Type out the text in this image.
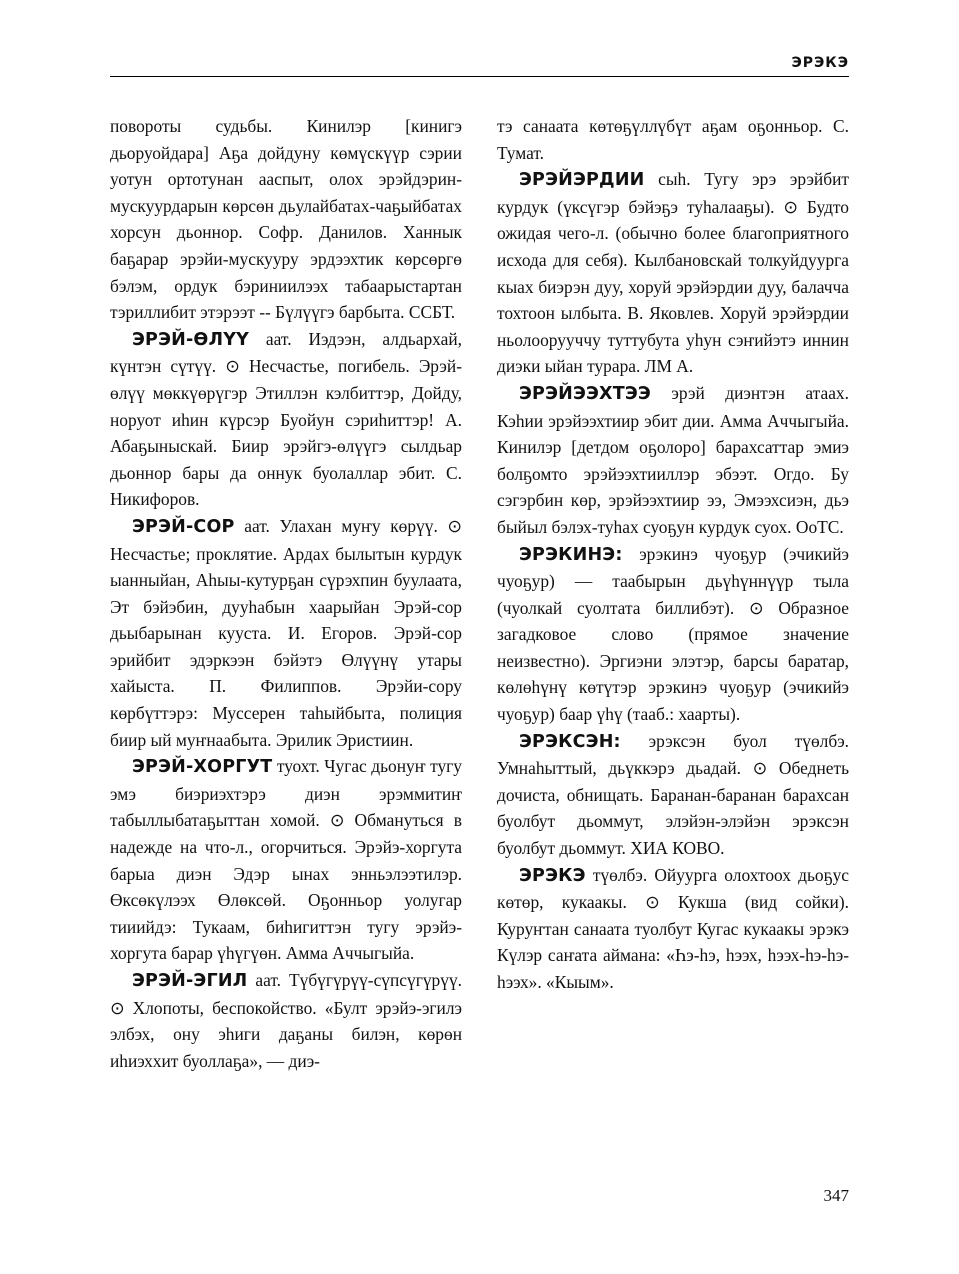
ЭРЭКЭ

повороты судьбы. Кинилэр [кинигэ дьоруойдара] Аҕа дойдуну көмүскүүр сэрии уотун ортотунан аaспыт, олох эрэйдэрин-мускуурдарын көрсөн дьулайбатах-чаҕыйбатах хорсун дьоннор. Софр. Данилов. Ханнык баҕарар эрэйи-мускууру эрдээхтик көрсөргө бэлэм, ордук бэриниилээх табаарыстартан тэриллибит этэрээт -- Бүлүүгэ барбыта. ССБТ.

ЭРЭЙ-ӨЛҮҮ аат. Иэдээн, алдьархай, күнтэн сүтүү. ⊙ Несчастье, погибель. Эрэй-өлүү мөккүөрүгэр Этиллэн кэлбиттэр, Дойду, норуот иһин күрсэр Буойун сэриһиттэр! А. Абаҕыныскай. Биир эрэйгэ-өлүүгэ сылдьар дьоннор бары да оннук буолаллар эбит. С. Никифоров.

ЭРЭЙ-СОР аат. Улахан муҥу көрүү. ⊙ Несчастье; проклятие. Ардах былытын курдук ыанныйан, Аһыы-кутурҕан сүрэхпин буулаата, Эт бэйэбин, дууһабын хаарыйан Эрэй-сор дьыбарынан кууста. И. Егоров. Эрэй-сор эрийбит эдэркээн бэйэтэ Өлүүнү утары хайыста. П. Филиппов. Эрэйи-сору көрбүттэрэ: Муссерен таһыйбыта, полиция биир ый муҥнаабыта. Эрилик Эристиин.

ЭРЭЙ-ХОРГУТ туохт. Чугас дьонуҥ тугу эмэ биэриэхтэрэ диэн эрэммитиҥ табыллыбатаҕыттан хомой. ⊙ Обмануться в надежде на что-л., огорчиться. Эрэйэ-хоргута барыа диэн Эдэр ынах энньэлээтилэр. Өксөкүлээх Өлөксөй. Оҕонньор уолугар тииийдэ: Тукаам, биһигиттэн тугу эрэйэ-хоргута барар үһүгүөн. Амма Аччыгыйа.

ЭРЭЙ-ЭГИЛ аат. Түбүгүрүү-сүпсүгүрүү. ⊙ Хлопоты, беспокойство. «Булт эрэйэ-эгилэ элбэх, ону эһиги даҕаны билэн, көрөн иһиэххит буоллаҕа», — диэ-

тэ санаата көтөҕүллүбүт аҕам оҕонньор. С. Тумат.

ЭРЭЙЭРДИИ сыһ. Тугу эрэ эрэйбит курдук (үксүгэр бэйэҕэ туһалааҕы). ⊙ Будто ожидая чего-л. (обычно более благоприятного исхода для себя). Кылбановскай толкуйдуурга кыах биэрэн дуу, хоруй эрэйэрдии дуу, балачча тохтоон ылбыта. В. Яковлев. Хоруй эрэйэрдии ньолоорууччу туттубута уһун сэҥийэтэ иннин диэки ыйан турара. ЛМ А.

ЭРЭЙЭЭХТЭЭ эрэй диэнтэн атаах. Кэһии эрэйээхтиир эбит дии. Амма Аччыгыйа. Кинилэр [детдом оҕолоро] барахсаттар эмиэ болҕомто эрэйээхтииллэр эбээт. Огдо. Бу сэгэрбин көр, эрэйээхтиир ээ, Эмээхсиэн, дьэ быйыл бэлэх-туһах суоҕун курдук суох. ОоТС.

ЭРЭКИНЭ: эрэкинэ чуоҕур (эчикийэ чуоҕур) — таабырын дьүһүннүүр тыла (чуолкай суолтата биллибэт). ⊙ Образное загадковое слово (прямое значение неизвестно). Эргиэни элэтэр, барсы баратар, көлөһүнү көтүтэр эрэкинэ чуоҕур (эчикийэ чуоҕур) баар үһү (тааб.: хаарты).

ЭРЭКСЭН: эрэксэн буол түөлбэ. Умнаһыттый, дьүккэрэ дьадай. ⊙ Обеднеть дочиста, обнищать. Баранан-баранан барахсан буолбут дьоммут, элэйэн-элэйэн эрэксэн буолбут дьоммут. ХИА КОВО.

ЭРЭКЭ түөлбэ. Ойуурга олохтоох дьоҕус көтөр, кукаакы. ⊙ Кукша (вид сойки). Куруҥтан санаата туолбут Кугас кукаакы эрэкэ Күлэр саҥата аймана: «Һэ-һэ, һээх, һээх-һэ-һэ-һээх». «Кыым».

347
